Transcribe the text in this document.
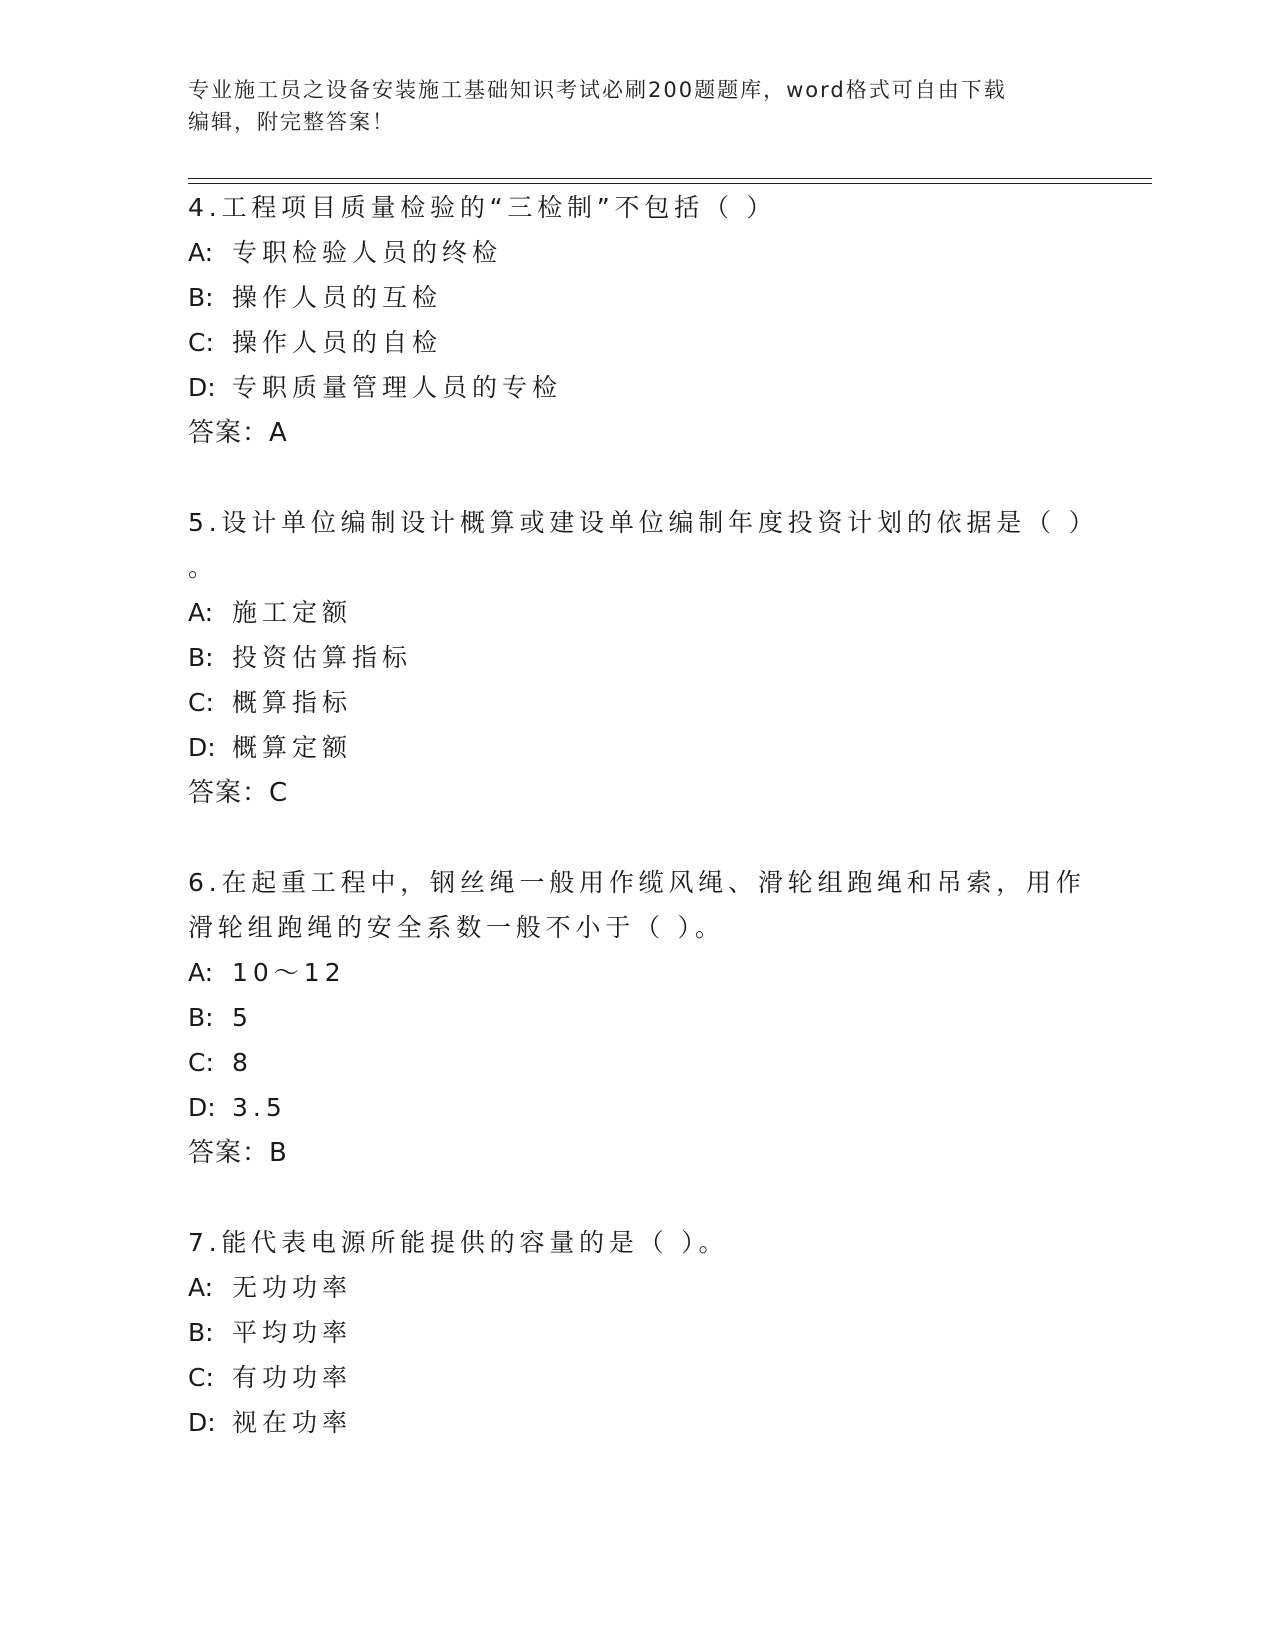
专业施工员之设备安装施工基础知识考试必刷200题题库，word格式可自由下载
编辑，附完整答案！
4.工程项目质量检验的“三检制”不包括（ ）
A: 专职检验人员的终检
B: 操作人员的互检
C: 操作人员的自检
D: 专职质量管理人员的专检
答案：A
5.设计单位编制设计概算或建设单位编制年度投资计划的依据是（ ）
。
A: 施工定额
B: 投资估算指标
C: 概算指标
D: 概算定额
答案：C
6.在起重工程中，钢丝绳一般用作缆风绳、滑轮组跑绳和吊索，用作
滑轮组跑绳的安全系数一般不小于（ ）。
A: 10～12
B: 5
C: 8
D: 3.5
答案：B
7.能代表电源所能提供的容量的是（ ）。
A: 无功功率
B: 平均功率
C: 有功功率
D: 视在功率
